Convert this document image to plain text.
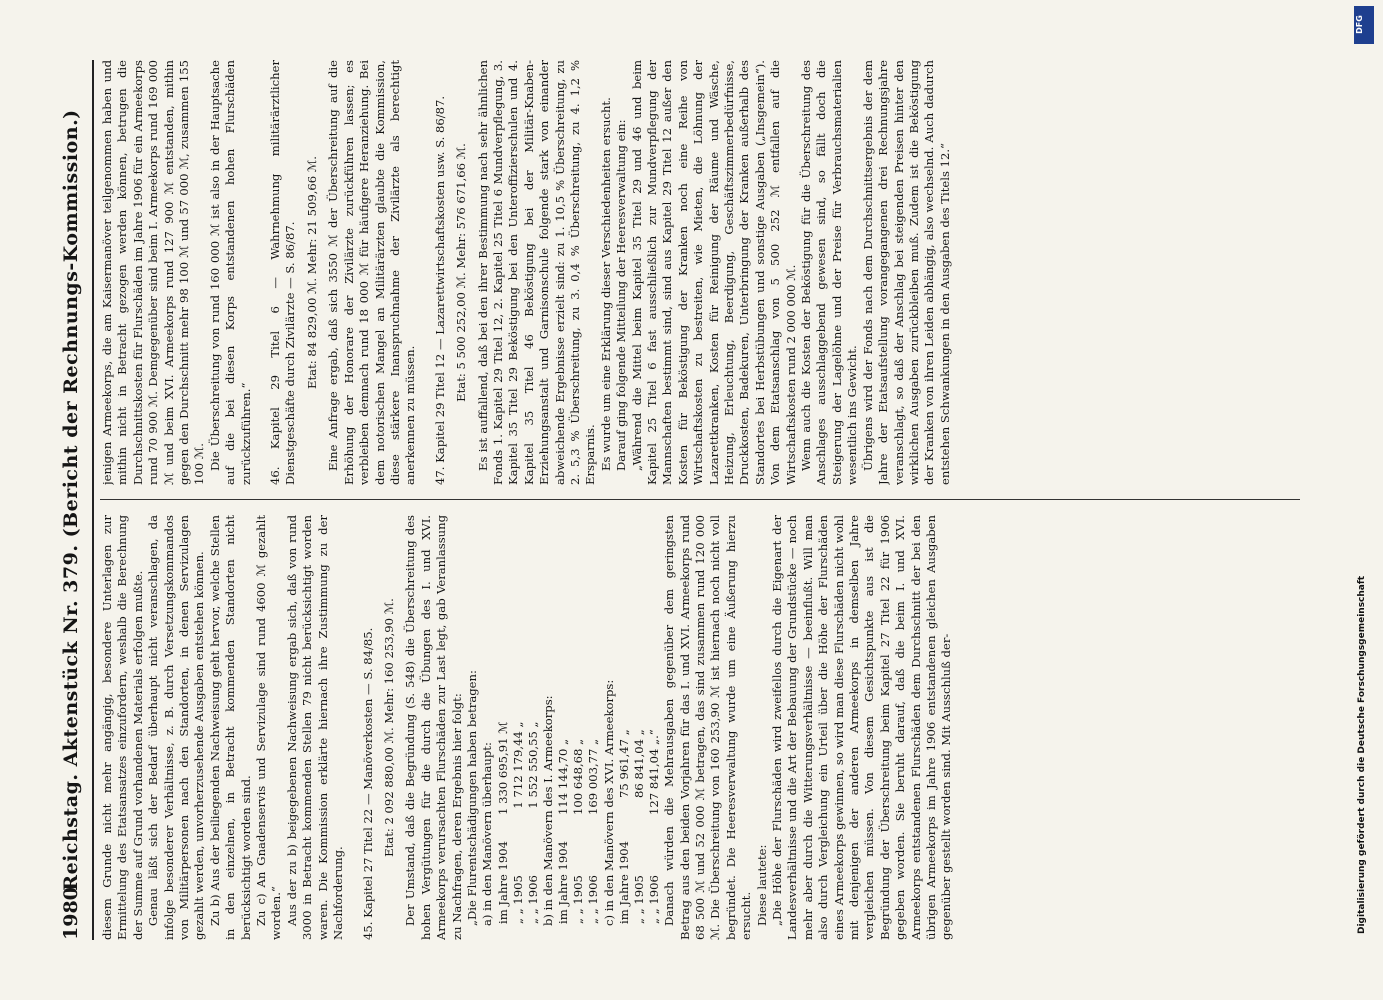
1980
Reichstag. Aktenstück Nr. 379. (Bericht der Rechnungs-Kommission.) diesem Grunde nicht mehr angängig, besondere Unterlagen zur Ermittelung des Etatsansatzes einzufordern, weshalb die Berechnung der Summe auf Grund vorhandenen Materials erfolgen mußte. Genau läßt sich der Bedarf überhaupt nicht veranschlagen, da infolge besonderer Verhältnisse, z. B. durch Versetzungskommandos von Militärpersonen nach den Standorten, in denen Servizulagen gezahlt werden, unvorherzusehende Ausgaben entstehen können. Zu b) Aus der beiliegenden Nachweisung geht hervor, welche Stellen in den einzelnen, in Betracht kommenden Standorten nicht berücksichtigt worden sind. Zu c) An Gnadenservis und Servizulage sind rund 4600 ℳ gezahlt worden.“ Aus der zu b) beigegebenen Nachweisung ergab sich, daß von rund 3000 in Betracht kommenden Stellen 79 nicht berücksichtigt worden waren. Die Kommission erklärte hiernach ihre Zustimmung zu der Nachforderung. 45. Kapitel 27 Titel 22 — Manöverkosten — S. 84/85. Etat: 2 092 880,00 ℳ. Mehr: 160 253,90 ℳ. Der Umstand, daß die Begründung (S. 548) die Überschreitung des hohen Vergütungen für die durch die Übungen des I. und XVI. Armeekorps verursachten Flurschäden zur Last legt, gab Veranlassung zu Nachfragen, deren Ergebnis hier folgt: „Die Flurentschädigungen haben betragen: a) in den Manövern überhaupt: im Jahre 1904	1 330 695,91 ℳ
„ „ 1905	1 712 179,44 „
„ „ 1906	1 552 550,55 „ b) in den Manövern des I. Armeekorps: im Jahre 1904	114 144,70 „
„ „ 1905	100 648,68 „
„ „ 1906	169 003,77 „ c) in den Manövern des XVI. Armeekorps: im Jahre 1904	75 961,47 „
„ „ 1905	86 841,04 „
„ „ 1906	127 841,04 „.“ Danach würden die Mehrausgaben gegenüber dem geringsten Betrag aus den beiden Vorjahren für das I. und XVI. Armeekorps rund 68 500 ℳ und 52 000 ℳ betragen, das sind zusammen rund 120 000 ℳ. Die Überschreitung von 160 253,90 ℳ ist hiernach noch nicht voll begründet. Die Heeresverwaltung wurde um eine Äußerung hierzu ersucht. Diese lautete: „Die Höhe der Flurschäden wird zweifellos durch die Eigenart der Landesverhältnisse und die Art der Bebauung der Grundstücke — noch mehr aber durch die Witterungsverhältnisse — beeinflußt. Will man also durch Vergleichung ein Urteil über die Höhe der Flurschäden eines Armeekorps gewinnen, so wird man diese Flurschäden nicht wohl mit denjenigen der anderen Armeekorps in demselben Jahre vergleichen müssen. Von diesem Gesichtspunkte aus ist die Begründung der Überschreitung beim Kapitel 27 Titel 22 für 1906 gegeben worden. Sie beruht darauf, daß die beim I. und XVI. Armeekorps entstandenen Flurschäden dem Durchschnitt der bei den übrigen Armeekorps im Jahre 1906 entstandenen gleichen Ausgaben gegenüber gestellt worden sind. Mit Ausschluß der-

jenigen Armeekorps, die am Kaisermanöver teilgenommen haben und mithin nicht in Betracht gezogen werden können, betrugen die Durchschnittskosten für Flurschäden im Jahre 1906 für ein Armeekorps rund 70 900 ℳ. Demgegenüber sind beim I. Armeekorps rund 169 000 ℳ und beim XVI. Armeekorps rund 127 900 ℳ entstanden, mithin gegen den Durchschnitt mehr 98 100 ℳ und 57 000 ℳ, zusammen 155 100 ℳ. Die Überschreitung von rund 160 000 ℳ ist also in der Hauptsache auf die bei diesen Korps entstandenen hohen Flurschäden zurückzuführen.“ 46. Kapitel 29 Titel 6 — Wahrnehmung militärärztlicher Dienstgeschäfte durch Zivilärzte — S. 86/87. Etat: 84 829,00 ℳ. Mehr: 21 509,66 ℳ. Eine Anfrage ergab, daß sich 3550 ℳ der Überschreitung auf die Erhöhung der Honorare der Zivilärzte zurückführen lassen; es verbleiben demnach rund 18 000 ℳ für häufigere Heranziehung. Bei dem notorischen Mangel an Militärärzten glaubte die Kommission, diese stärkere Inanspruchnahme der Zivilärzte als berechtigt anerkennen zu müssen. 47. Kapitel 29 Titel 12 — Lazarettwirtschaftskosten usw. S. 86/87. Etat: 5 500 252,00 ℳ. Mehr: 576 671,66 ℳ. Es ist auffallend, daß bei den ihrer Bestimmung nach sehr ähnlichen Fonds 1. Kapitel 29 Titel 12, 2. Kapitel 25 Titel 6 Mundverpflegung, 3. Kapitel 35 Titel 29 Beköstigung bei den Unteroffizierschulen und 4. Kapitel 35 Titel 46 Beköstigung bei der Militär-Knaben-Erziehungsanstalt und Garnisonschule folgende stark von einander abweichende Ergebnisse erzielt sind: zu 1. 10,5 % Überschreitung, zu 2. 5,3 % Überschreitung, zu 3. 0,4 % Überschreitung, zu 4. 1,2 % Ersparnis. Es wurde um eine Erklärung dieser Verschiedenheiten ersucht. Darauf ging folgende Mitteilung der Heeresverwaltung ein: „Während die Mittel beim Kapitel 35 Titel 29 und 46 und beim Kapitel 25 Titel 6 fast ausschließlich zur Mundverpflegung der Mannschaften bestimmt sind, sind aus Kapitel 29 Titel 12 außer den Kosten für Beköstigung der Kranken noch eine Reihe von Wirtschaftskosten zu bestreiten, wie Mieten, die Löhnung der Lazarettkranken, Kosten für Reinigung der Räume und Wäsche, Heizung, Erleuchtung, Beerdigung, Geschäftszimmerbedürfnisse, Druckkosten, Badekuren, Unterbringung der Kranken außerhalb des Standortes bei Herbstübungen und sonstige Ausgaben („Insgemein“). Von dem Etatsanschlag von 5 500 252 ℳ entfallen auf die Wirtschaftskosten rund 2 000 000 ℳ. Wenn auch die Kosten der Beköstigung für die Überschreitung des Anschlages ausschlaggebend gewesen sind, so fällt doch die Steigerung der Lagelöhne und der Preise für Verbrauchsmaterialien wesentlich ins Gewicht. Übrigens wird der Fonds nach dem Durchschnittsergebnis der dem Jahre der Etatsaufstellung vorangegangenen drei Rechnungsjahre veranschlagt, so daß der Anschlag bei steigenden Preisen hinter den wirklichen Ausgaben zurückbleiben muß. Zudem ist die Beköstigung der Kranken von ihren Leiden abhängig, also wechselnd. Auch dadurch entstehen Schwankungen in den Ausgaben des Titels 12.“

DFG
Digitalisierung gefördert durch die Deutsche Forschungsgemeinschaft
